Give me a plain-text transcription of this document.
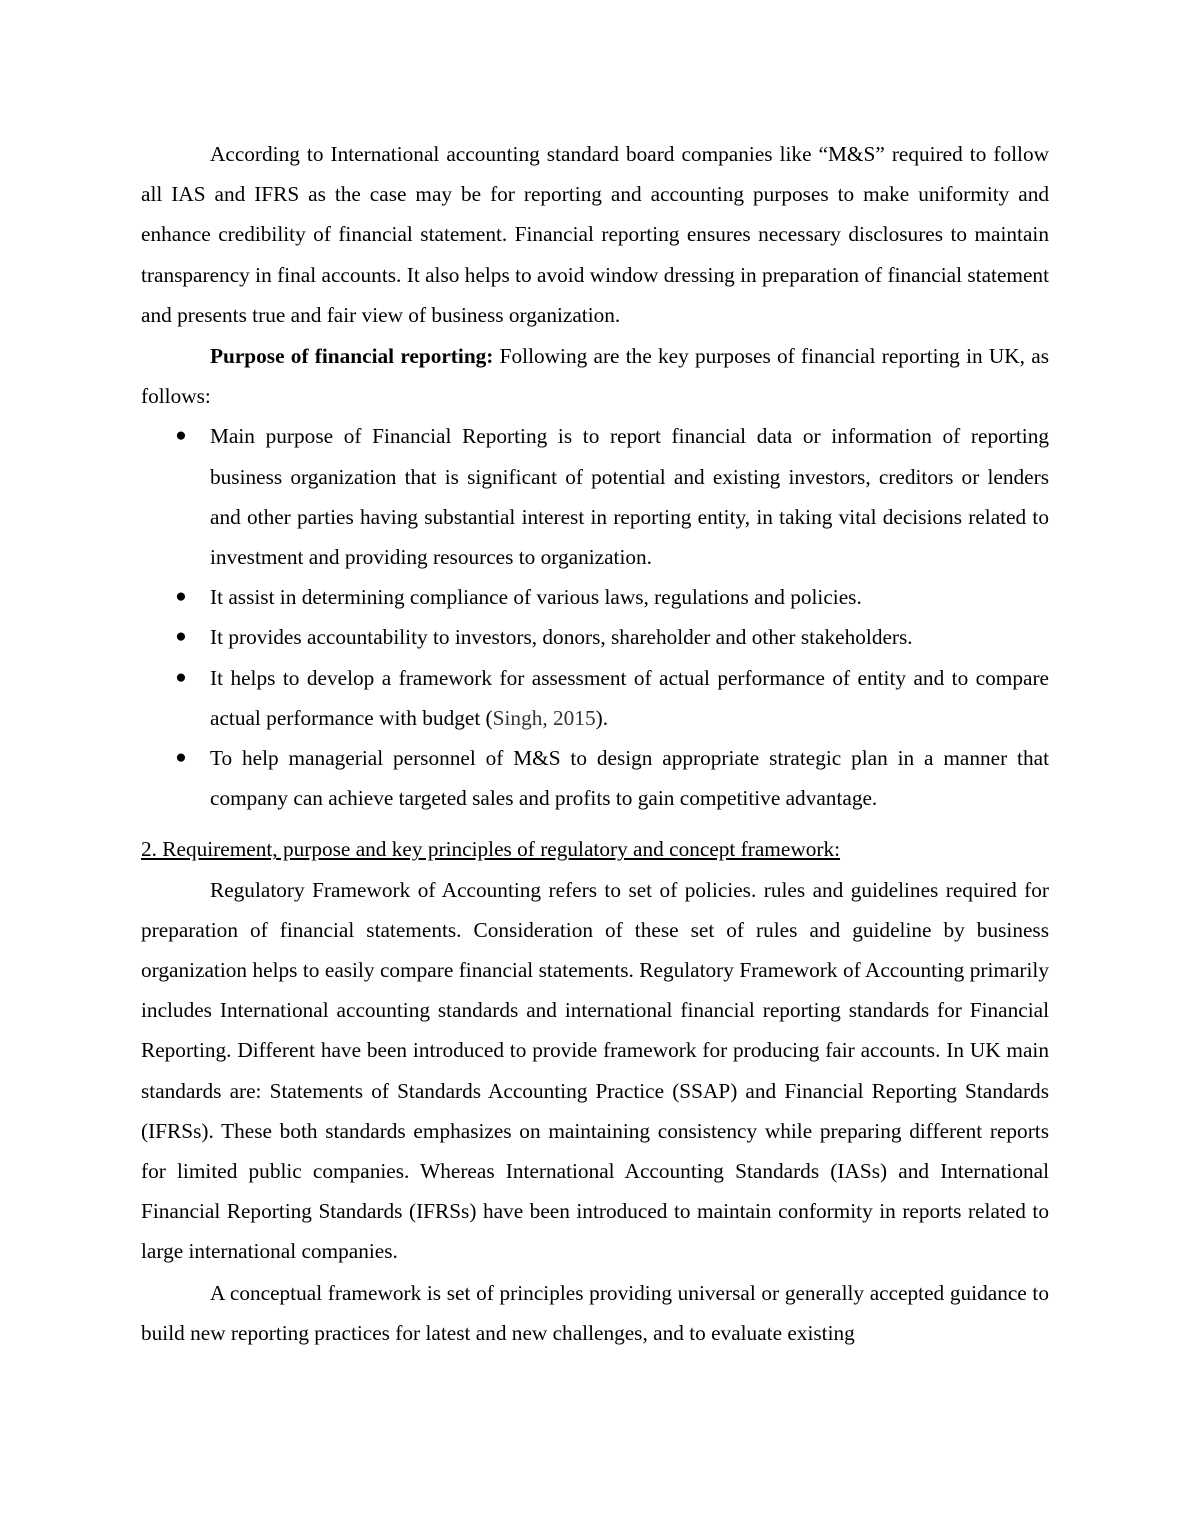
According to International accounting standard board companies like “M&S” required to follow all IAS and IFRS as the case may be for reporting and accounting purposes to make uniformity and enhance credibility of financial statement. Financial reporting ensures necessary disclosures to maintain transparency in final accounts. It also helps to avoid window dressing in preparation of financial statement and presents true and fair view of business organization.

Purpose of financial reporting: Following are the key purposes of financial reporting in UK, as follows:

● Main purpose of Financial Reporting is to report financial data or information of reporting business organization that is significant of potential and existing investors, creditors or lenders and other parties having substantial interest in reporting entity, in taking vital decisions related to investment and providing resources to organization.
● It assist in determining compliance of various laws, regulations and policies.
● It provides accountability to investors, donors, shareholder and other stakeholders.
● It helps to develop a framework for assessment of actual performance of entity and to compare actual performance with budget (Singh, 2015).
● To help managerial personnel of M&S to design appropriate strategic plan in a manner that company can achieve targeted sales and profits to gain competitive advantage.

2. Requirement, purpose and key principles of regulatory and concept framework:

Regulatory Framework of Accounting refers to set of policies. rules and guidelines required for preparation of financial statements. Consideration of these set of rules and guideline by business organization helps to easily compare financial statements. Regulatory Framework of Accounting primarily includes International accounting standards and international financial reporting standards for Financial Reporting. Different have been introduced to provide framework for producing fair accounts. In UK main standards are: Statements of Standards Accounting Practice (SSAP) and Financial Reporting Standards (IFRSs). These both standards emphasizes on maintaining consistency while preparing different reports for limited public companies. Whereas International Accounting Standards (IASs) and International Financial Reporting Standards (IFRSs) have been introduced to maintain conformity in reports related to large international companies.

A conceptual framework is set of principles providing universal or generally accepted guidance to build new reporting practices for latest and new challenges, and to evaluate existing
